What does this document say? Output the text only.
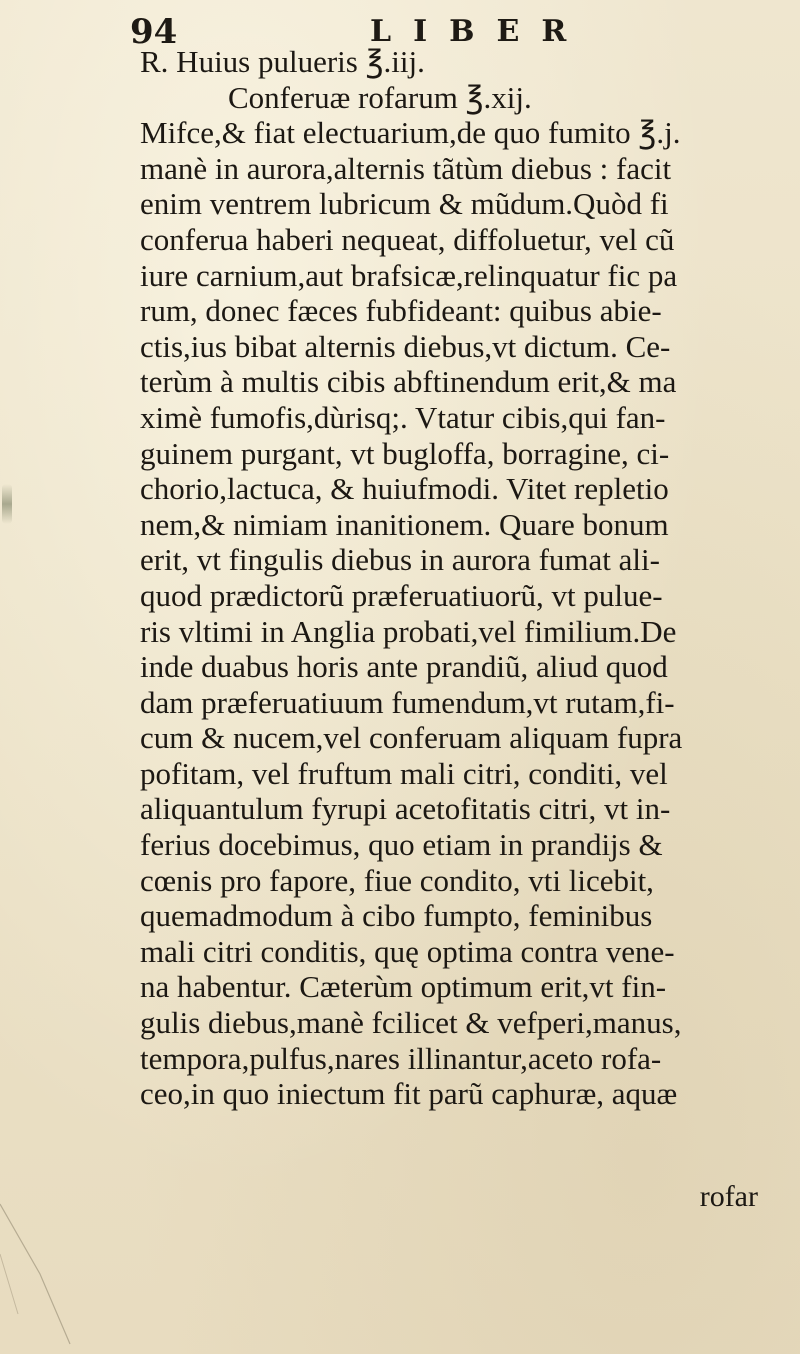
94	LIBER
R. Huius pulueris ℥.iij.
Conferuæ rofarum ℥.xij.
Mifce,& fiat electuarium,de quo fumito ℥.j.
manè in aurora,alternis tãtùm diebus : facit
enim ventrem lubricum & mũdum.Quòd fi
conferua haberi nequeat, diffoluetur, vel cũ
iure carnium,aut brafsicæ,relinquatur fic pa
rum, donec fæces fubfideant: quibus abie-
ctis,ius bibat alternis diebus,vt dictum. Ce-
terùm à multis cibis abftinendum erit,& ma
ximè fumofis,dùrisq;. Vtatur cibis,qui fan-
guinem purgant, vt bugloffa, borragine, ci-
chorio,lactuca, & huiufmodi. Vitet repletio
nem,& nimiam inanitionem. Quare bonum
erit, vt fingulis diebus in aurora fumat ali-
quod prædictorũ præferuatiuorũ, vt pulue-
ris vltimi in Anglia probati,vel fimilium.De
inde duabus horis ante prandiũ, aliud quod
dam præferuatiuum fumendum,vt rutam,fi-
cum & nucem,vel conferuam aliquam fupra
pofitam, vel fruftum mali citri, conditi, vel
aliquantulum fyrupi acetofitatis citri, vt in-
ferius docebimus, quo etiam in prandijs &
cœnis pro fapore, fiue condito, vti licebit,
quemadmodum à cibo fumpto, feminibus
mali citri conditis, quę optima contra vene-
na habentur. Cæterùm optimum erit,vt fin-
gulis diebus,manè fcilicet & vefperi,manus,
tempora,pulfus,nares illinantur,aceto rofa-
ceo,in quo iniectum fit parũ caphuræ, aquæ
rofar
